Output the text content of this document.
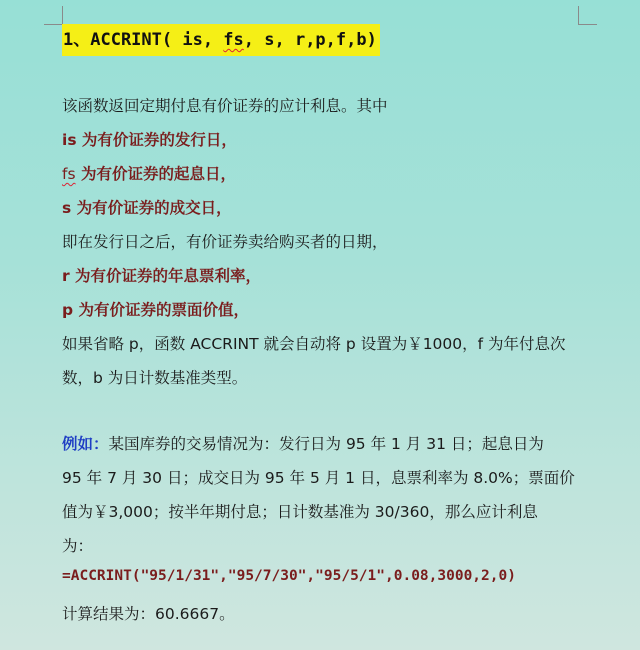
1、ACCRINT( is, fs, s, r,p,f,b)
该函数返回定期付息有价证券的应计利息。其中
is 为有价证券的发行日，
fs 为有价证券的起息日，
s 为有价证券的成交日，
即在发行日之后，有价证券卖给购买者的日期，
r 为有价证券的年息票利率，
p 为有价证券的票面价值，
如果省略 p，函数 ACCRINT 就会自动将 p 设置为￥1000，f 为年付息次
数，b 为日计数基准类型。
例如：某国库券的交易情况为：发行日为 95 年 1 月 31 日；起息日为
95 年 7 月 30 日；成交日为 95 年 5 月 1 日，息票利率为 8.0%；票面价
值为￥3,000；按半年期付息；日计数基准为 30/360，那么应计利息
为：
=ACCRINT("95/1/31","95/7/30","95/5/1",0.08,3000,2,0)
计算结果为：60.6667。
